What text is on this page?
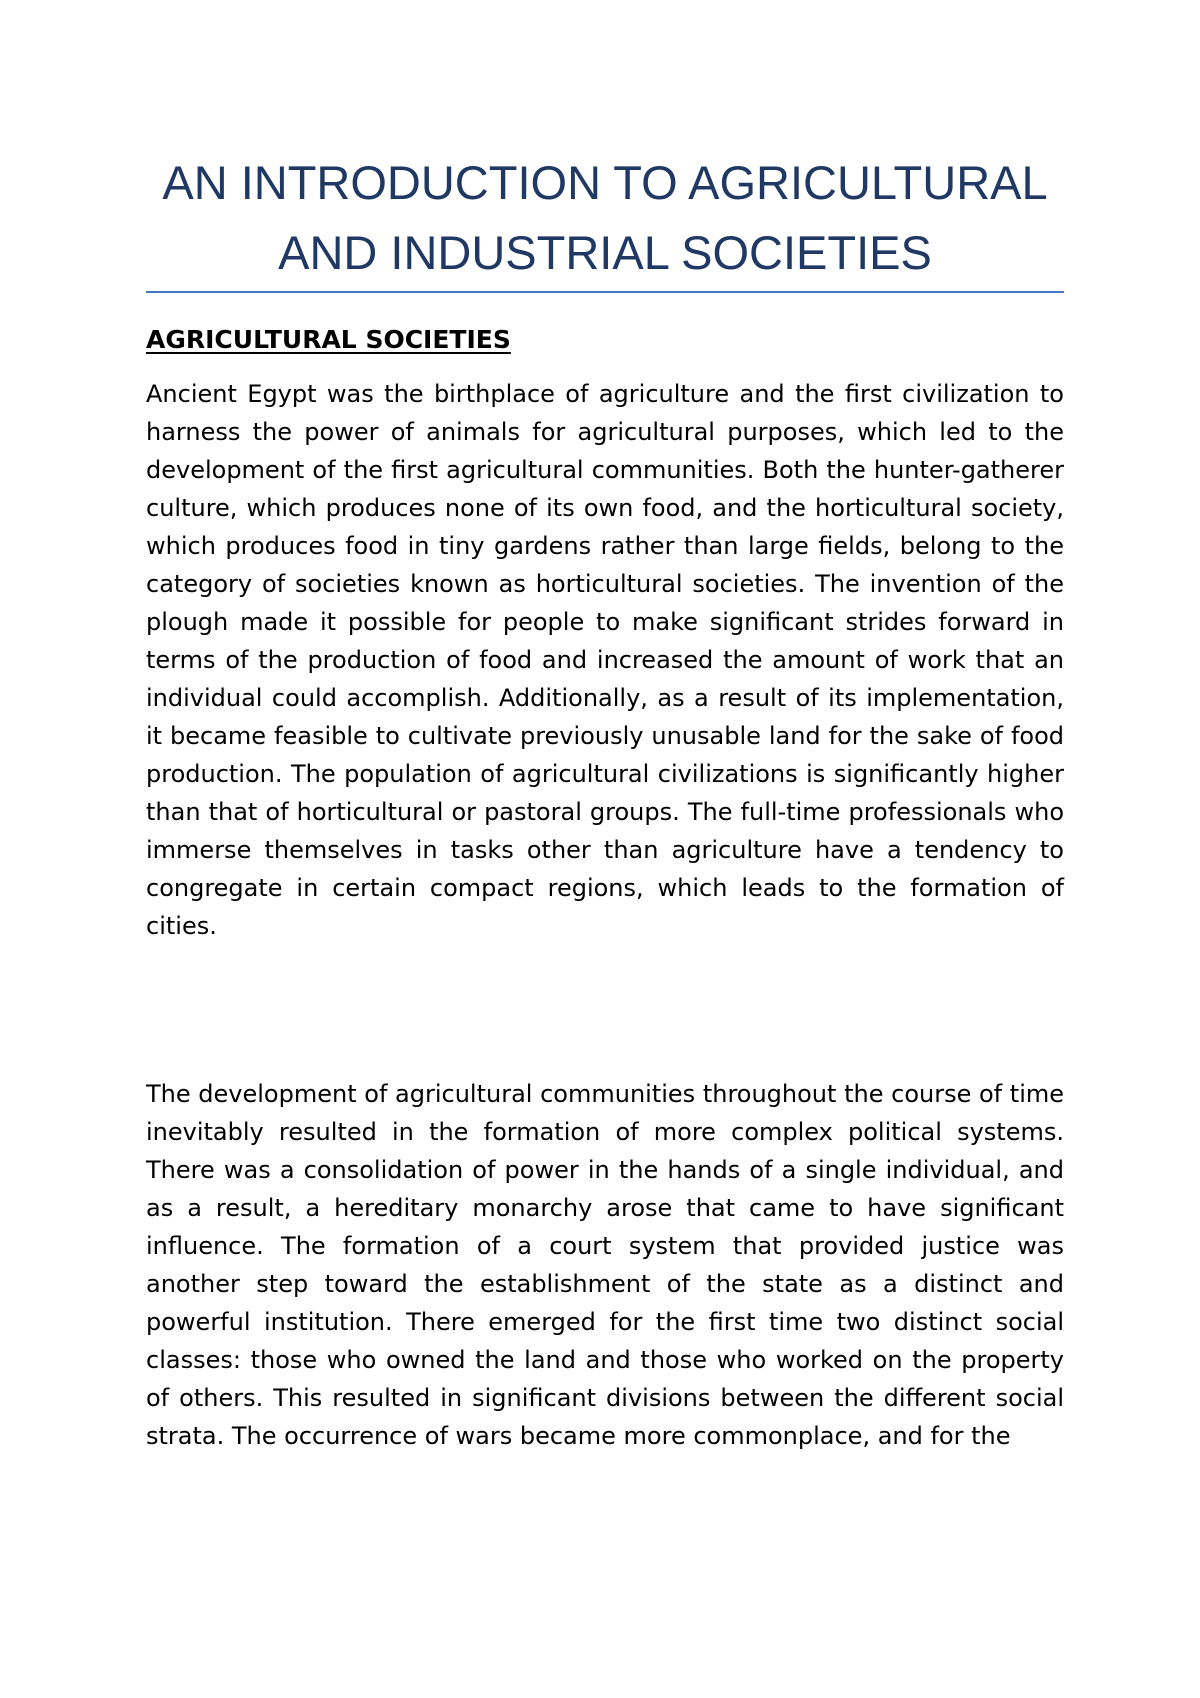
AN INTRODUCTION TO AGRICULTURAL AND INDUSTRIAL SOCIETIES
AGRICULTURAL SOCIETIES

Ancient Egypt was the birthplace of agriculture and the first civilization to harness the power of animals for agricultural purposes, which led to the development of the first agricultural communities. Both the hunter-gatherer culture, which produces none of its own food, and the horticultural society, which produces food in tiny gardens rather than large fields, belong to the category of societies known as horticultural societies. The invention of the plough made it possible for people to make significant strides forward in terms of the production of food and increased the amount of work that an individual could accomplish. Additionally, as a result of its implementation, it became feasible to cultivate previously unusable land for the sake of food production. The population of agricultural civilizations is significantly higher than that of horticultural or pastoral groups. The full-time professionals who immerse themselves in tasks other than agriculture have a tendency to congregate in certain compact regions, which leads to the formation of cities.

The development of agricultural communities throughout the course of time inevitably resulted in the formation of more complex political systems. There was a consolidation of power in the hands of a single individual, and as a result, a hereditary monarchy arose that came to have significant influence. The formation of a court system that provided justice was another step toward the establishment of the state as a distinct and powerful institution. There emerged for the first time two distinct social classes: those who owned the land and those who worked on the property of others. This resulted in significant divisions between the different social strata. The occurrence of wars became more commonplace, and for the
